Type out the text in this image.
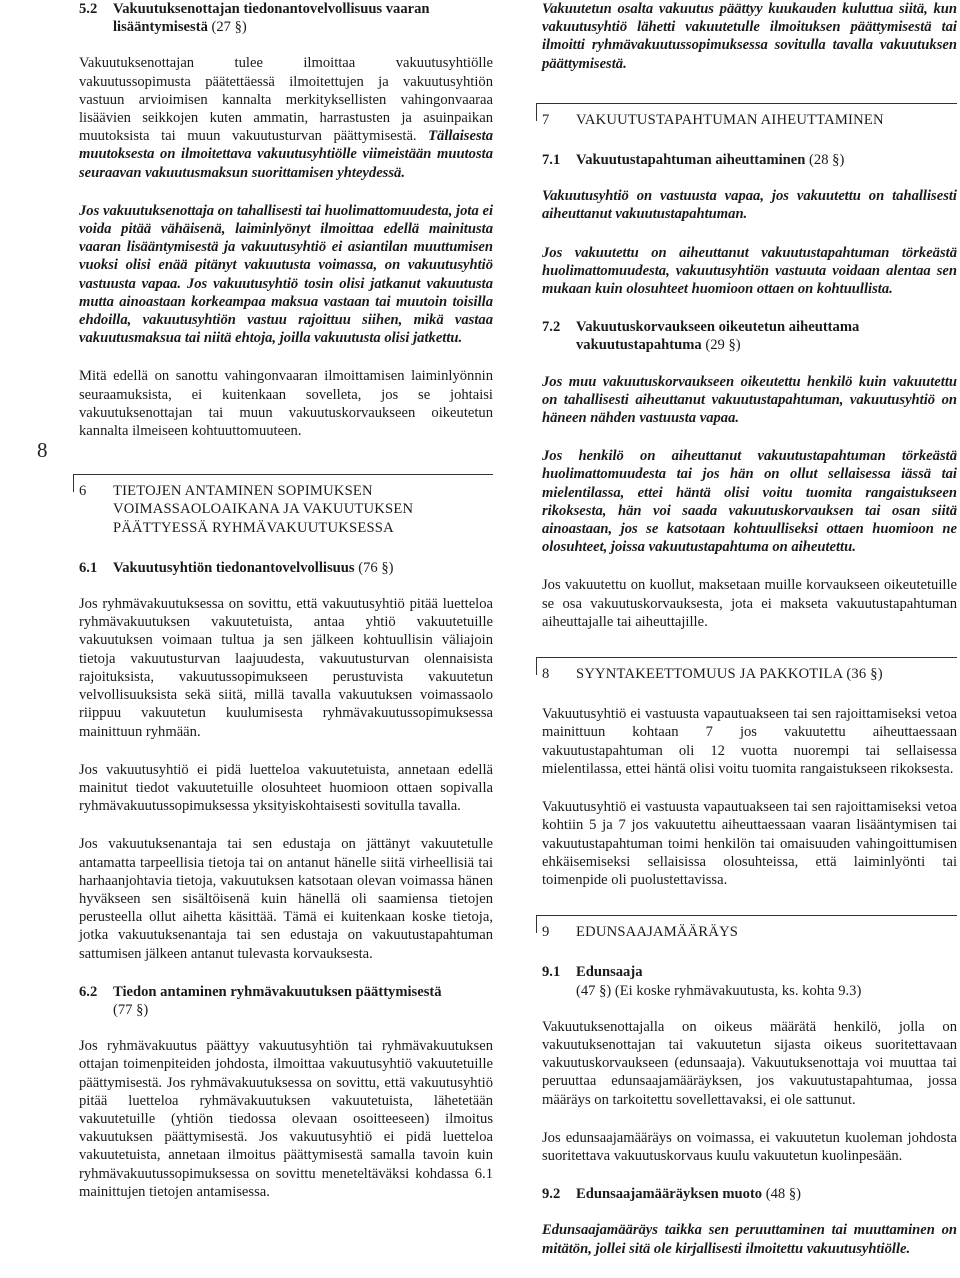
8
5.2	Vakuutuksenottajan tiedonantovelvollisuus vaaran lisääntymisestä (27 §)

Vakuutuksenottajan tulee ilmoittaa vakuutusyhtiölle vakuutussopimusta päätettäessä ilmoitettujen ja vakuutusyhtiön vastuun arvioimisen kannalta merkityksellisten vahingonvaaraa lisäävien seikkojen kuten ammatin, harrastusten ja asuinpaikan muutoksista tai muun vakuutusturvan päättymisestä. Tällaisesta muutoksesta on ilmoitettava vakuutusyhtiölle viimeistään muutosta seuraavan vakuutusmaksun suorittamisen yhteydessä.

Jos vakuutuksenottaja on tahallisesti tai huolimattomuudesta, jota ei voida pitää vähäisenä, laiminlyönyt ilmoittaa edellä mainitusta vaaran lisääntymisestä ja vakuutusyhtiö ei asiantilan muuttumisen vuoksi olisi enää pitänyt vakuutusta voimassa, on vakuutusyhtiö vastuusta vapaa. Jos vakuutusyhtiö tosin olisi jatkanut vakuutusta mutta ainoastaan korkeampaa maksua vastaan tai muutoin toisilla ehdoilla, vakuutusyhtiön vastuu rajoittuu siihen, mikä vastaa vakuutusmaksua tai niitä ehtoja, joilla vakuutusta olisi jatkettu.

Mitä edellä on sanottu vahingonvaaran ilmoittamisen laiminlyönnin seuraamuksista, ei kuitenkaan sovelleta, jos se johtaisi vakuutuksenottajan tai muun vakuutuskorvaukseen oikeutetun kannalta ilmeiseen kohtuuttomuuteen.

6	TIETOJEN ANTAMINEN SOPIMUKSEN VOIMASSAOLOAIKANA JA VAKUUTUKSEN PÄÄTTYESSÄ RYHMÄVAKUUTUKSESSA
6.1	Vakuutusyhtiön tiedonantovelvollisuus (76 §)

Jos ryhmävakuutuksessa on sovittu, että vakuutusyhtiö pitää luetteloa ryhmävakuutuksen vakuutetuista, antaa yhtiö vakuutetuille vakuutuksen voimaan tultua ja sen jälkeen kohtuullisin väliajoin tietoja vakuutusturvan laajuudesta, vakuutusturvan olennaisista rajoituksista, vakuutussopimukseen perustuvista vakuutetun velvollisuuksista sekä siitä, millä tavalla vakuutuksen voimassaolo riippuu vakuutetun kuulumisesta ryhmävakuutussopimuksessa mainittuun ryhmään.

Jos vakuutusyhtiö ei pidä luetteloa vakuutetuista, annetaan edellä mainitut tiedot vakuutetuille olosuhteet huomioon ottaen sopivalla ryhmävakuutussopimuksessa yksityiskohtaisesti sovitulla tavalla.

Jos vakuutuksenantaja tai sen edustaja on jättänyt vakuutetulle antamatta tarpeellisia tietoja tai on antanut hänelle siitä virheellisiä tai harhaanjohtavia tietoja, vakuutuksen katsotaan olevan voimassa hänen hyväkseen sen sisältöisenä kuin hänellä oli saamiensa tietojen perusteella ollut aihetta käsittää. Tämä ei kuitenkaan koske tietoja, jotka vakuutuksenantaja tai sen edustaja on vakuutustapahtuman sattumisen jälkeen antanut tulevasta korvauksesta.

6.2	Tiedon antaminen ryhmävakuutuksen päättymisestä
(77 §)

Jos ryhmävakuutus päättyy vakuutusyhtiön tai ryhmävakuutuksen ottajan toimenpiteiden johdosta, ilmoittaa vakuutusyhtiö vakuutetuille päättymisestä. Jos ryhmävakuutuksessa on sovittu, että vakuutusyhtiö pitää luetteloa ryhmävakuutuksen vakuutetuista, lähetetään vakuutetuille (yhtiön tiedossa olevaan osoitteeseen) ilmoitus vakuutuksen päättymisestä. Jos vakuutusyhtiö ei pidä luetteloa vakuutetuista, annetaan ilmoitus päättymisestä samalla tavoin kuin ryhmävakuutussopimuksessa on sovittu meneteltäväksi kohdassa 6.1 mainittujen tietojen antamisessa.

Vakuutetun osalta vakuutus päättyy kuukauden kuluttua siitä, kun vakuutusyhtiö lähetti vakuutetulle ilmoituksen päättymisestä tai ilmoitti ryhmävakuutussopimuksessa sovitulla tavalla vakuutuksen päättymisestä.

7	VAKUUTUSTAPAHTUMAN AIHEUTTAMINEN
7.1	Vakuutustapahtuman aiheuttaminen (28 §)

Vakuutusyhtiö on vastuusta vapaa, jos vakuutettu on tahallisesti aiheuttanut vakuutustapahtuman.

Jos vakuutettu on aiheuttanut vakuutustapahtuman törkeästä huolimattomuudesta, vakuutusyhtiön vastuuta voidaan alentaa sen mukaan kuin olosuhteet huomioon ottaen on kohtuullista.

7.2	Vakuutuskorvaukseen oikeutetun aiheuttama vakuutustapahtuma (29 §)

Jos muu vakuutuskorvaukseen oikeutettu henkilö kuin vakuutettu on tahallisesti aiheuttanut vakuutustapahtuman, vakuutusyhtiö on häneen nähden vastuusta vapaa.

Jos henkilö on aiheuttanut vakuutustapahtuman törkeästä huolimattomuudesta tai jos hän on ollut sellaisessa iässä tai mielentilassa, ettei häntä olisi voitu tuomita rangaistukseen rikoksesta, hän voi saada vakuutuskorvauksen tai osan siitä ainoastaan, jos se katsotaan kohtuulliseksi ottaen huomioon ne olosuhteet, joissa vakuutustapahtuma on aiheutettu.

Jos vakuutettu on kuollut, maksetaan muille korvaukseen oikeutetuille se osa vakuutuskorvauksesta, jota ei makseta vakuutustapahtuman aiheuttajalle tai aiheuttajille.

8	SYYNTAKEETTOMUUS JA PAKKOTILA (36 §)

Vakuutusyhtiö ei vastuusta vapautuakseen tai sen rajoittamiseksi vetoa mainittuun kohtaan 7 jos vakuutettu aiheuttaessaan vakuutustapahtuman oli 12 vuotta nuorempi tai sellaisessa mielentilassa, ettei häntä olisi voitu tuomita rangaistukseen rikoksesta.

Vakuutusyhtiö ei vastuusta vapautuakseen tai sen rajoittamiseksi vetoa kohtiin 5 ja 7 jos vakuutettu aiheuttaessaan vaaran lisääntymisen tai vakuutustapahtuman toimi henkilön tai omaisuuden vahingoittumisen ehkäisemiseksi sellaisissa olosuhteissa, että laiminlyönti tai toimenpide oli puolustettavissa.

9	EDUNSAAJAMÄÄRÄYS
9.1	Edunsaaja
(47 §) (Ei koske ryhmävakuutusta, ks. kohta 9.3)

Vakuutuksenottajalla on oikeus määrätä henkilö, jolla on vakuutuksenottajan tai vakuutetun sijasta oikeus suoritettavaan vakuutuskorvaukseen (edunsaaja). Vakuutuksenottaja voi muuttaa tai peruuttaa edunsaajamääräyksen, jos vakuutustapahtumaa, jossa määräys on tarkoitettu sovellettavaksi, ei ole sattunut.

Jos edunsaajamääräys on voimassa, ei vakuutetun kuoleman johdosta suoritettava vakuutuskorvaus kuulu vakuutetun kuolinpesään.

9.2	Edunsaajamääräyksen muoto (48 §)

Edunsaajamääräys taikka sen peruuttaminen tai muuttaminen on mitätön, jollei sitä ole kirjallisesti ilmoitettu vakuutusyhtiölle.
